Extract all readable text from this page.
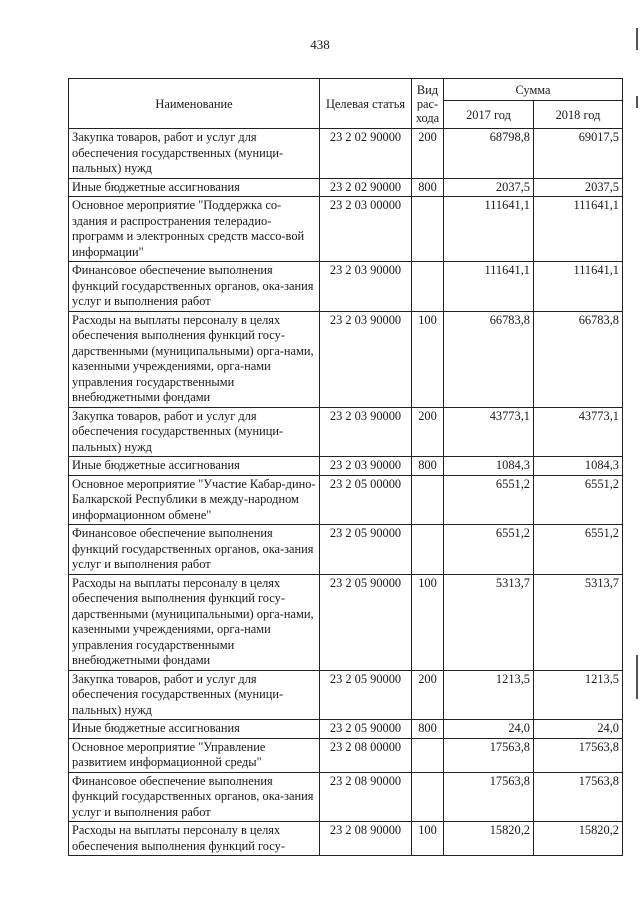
438
Наименование	Целевая статья	Вид рас-хода	Сумма	
			2017 год	2018 год
Закупка товаров, работ и услуг для обеспечения государственных (муници-пальных) нужд	23 2 02 90000	200	68798,8	69017,5
Иные бюджетные ассигнования	23 2 02 90000	800	2037,5	2037,5
Основное мероприятие "Поддержка со-здания и распространения телерадио-программ и электронных средств массо-вой информации"	23 2 03 00000		111641,1	111641,1
Финансовое обеспечение выполнения функций государственных органов, ока-зания услуг и выполнения работ	23 2 03 90000		111641,1	111641,1
Расходы на выплаты персоналу в целях обеспечения выполнения функций госу-дарственными (муниципальными) орга-нами, казенными учреждениями, орга-нами управления государственными внебюджетными фондами	23 2 03 90000	100	66783,8	66783,8
Закупка товаров, работ и услуг для обеспечения государственных (муници-пальных) нужд	23 2 03 90000	200	43773,1	43773,1
Иные бюджетные ассигнования	23 2 03 90000	800	1084,3	1084,3
Основное мероприятие "Участие Кабар-дино-Балкарской Республики в между-народном информационном обмене"	23 2 05 00000		6551,2	6551,2
Финансовое обеспечение выполнения функций государственных органов, ока-зания услуг и выполнения работ	23 2 05 90000		6551,2	6551,2
Расходы на выплаты персоналу в целях обеспечения выполнения функций госу-дарственными (муниципальными) орга-нами, казенными учреждениями, орга-нами управления государственными внебюджетными фондами	23 2 05 90000	100	5313,7	5313,7
Закупка товаров, работ и услуг для обеспечения государственных (муници-пальных) нужд	23 2 05 90000	200	1213,5	1213,5
Иные бюджетные ассигнования	23 2 05 90000	800	24,0	24,0
Основное мероприятие "Управление развитием информационной среды"	23 2 08 00000		17563,8	17563,8
Финансовое обеспечение выполнения функций государственных органов, ока-зания услуг и выполнения работ	23 2 08 90000		17563,8	17563,8
Расходы на выплаты персоналу в целях обеспечения выполнения функций госу-	23 2 08 90000	100	15820,2	15820,2
